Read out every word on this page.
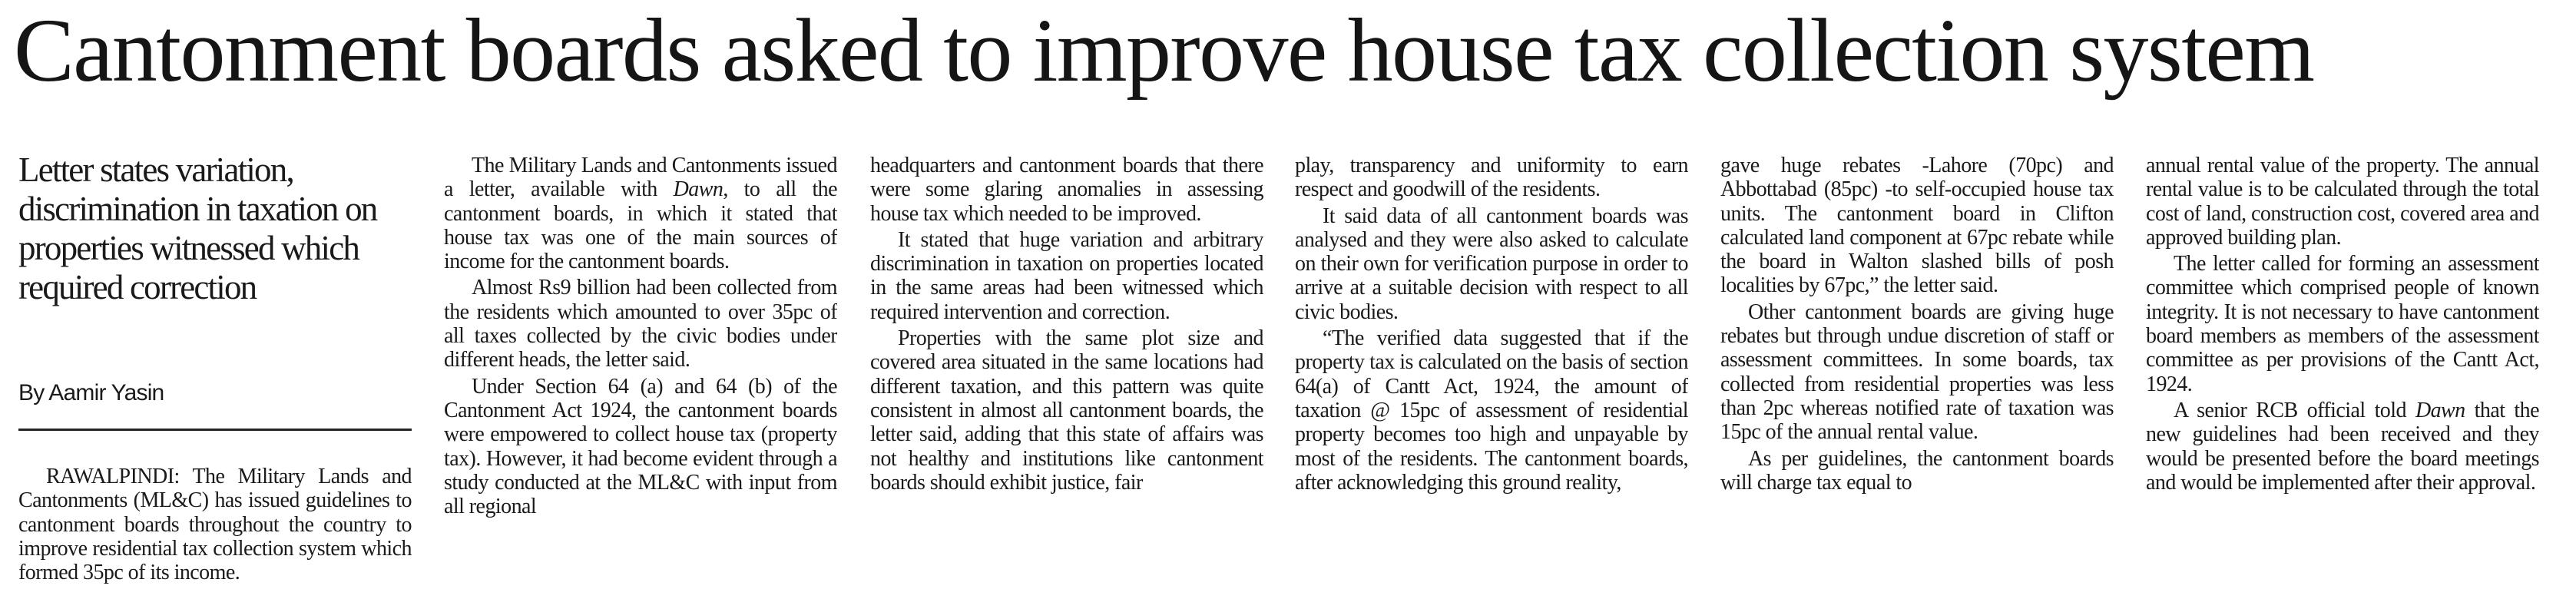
Cantonment boards asked to improve house tax collection system

RAWALPINDI: The Military Lands and Cantonments (ML&C) has issued guidelines to cantonment boards throughout the country to improve residential tax collection system which formed 35pc of its income.

Letter states variation, discrimination in taxation on properties witnessed which required correction
By Aamir Yasin

The Military Lands and Cantonments issued a letter, available with Dawn, to all the cantonment boards, in which it stated that house tax was one of the main sources of income for the cantonment boards.

Almost Rs9 billion had been collected from the residents which amounted to over 35pc of all taxes collected by the civic bodies under different heads, the letter said.

Under Section 64 (a) and 64 (b) of the Cantonment Act 1924, the cantonment boards were empowered to collect house tax (property tax). However, it had become evident through a study conducted at the ML&C with input from all regional

headquarters and cantonment boards that there were some glaring anomalies in assessing house tax which needed to be improved.

It stated that huge variation and arbitrary discrimination in taxation on properties located in the same areas had been witnessed which required intervention and correction.

Properties with the same plot size and covered area situated in the same locations had different taxation, and this pattern was quite consistent in almost all cantonment boards, the letter said, adding that this state of affairs was not healthy and institutions like cantonment boards should exhibit justice, fair

play, transparency and uniformity to earn respect and goodwill of the residents.

It said data of all cantonment boards was analysed and they were also asked to calculate on their own for verification purpose in order to arrive at a suitable decision with respect to all civic bodies.

“The verified data suggested that if the property tax is calculated on the basis of section 64(a) of Cantt Act, 1924, the amount of taxation @ 15pc of assessment of residential property becomes too high and unpayable by most of the residents. The cantonment boards, after acknowledging this ground reality,

gave huge rebates -Lahore (70pc) and Abbottabad (85pc) -to self-occupied house tax units. The cantonment board in Clifton calculated land component at 67pc rebate while the board in Walton slashed bills of posh localities by 67pc,” the letter said.

Other cantonment boards are giving huge rebates but through undue discretion of staff or assessment committees. In some boards, tax collected from residential properties was less than 2pc whereas notified rate of taxation was 15pc of the annual rental value.

As per guidelines, the cantonment boards will charge tax equal to

annual rental value of the property. The annual rental value is to be calculated through the total cost of land, construction cost, covered area and approved building plan.

The letter called for forming an assessment committee which comprised people of known integrity. It is not necessary to have cantonment board members as members of the assessment committee as per provisions of the Cantt Act, 1924.

A senior RCB official told Dawn that the new guidelines had been received and they would be presented before the board meetings and would be implemented after their approval.
